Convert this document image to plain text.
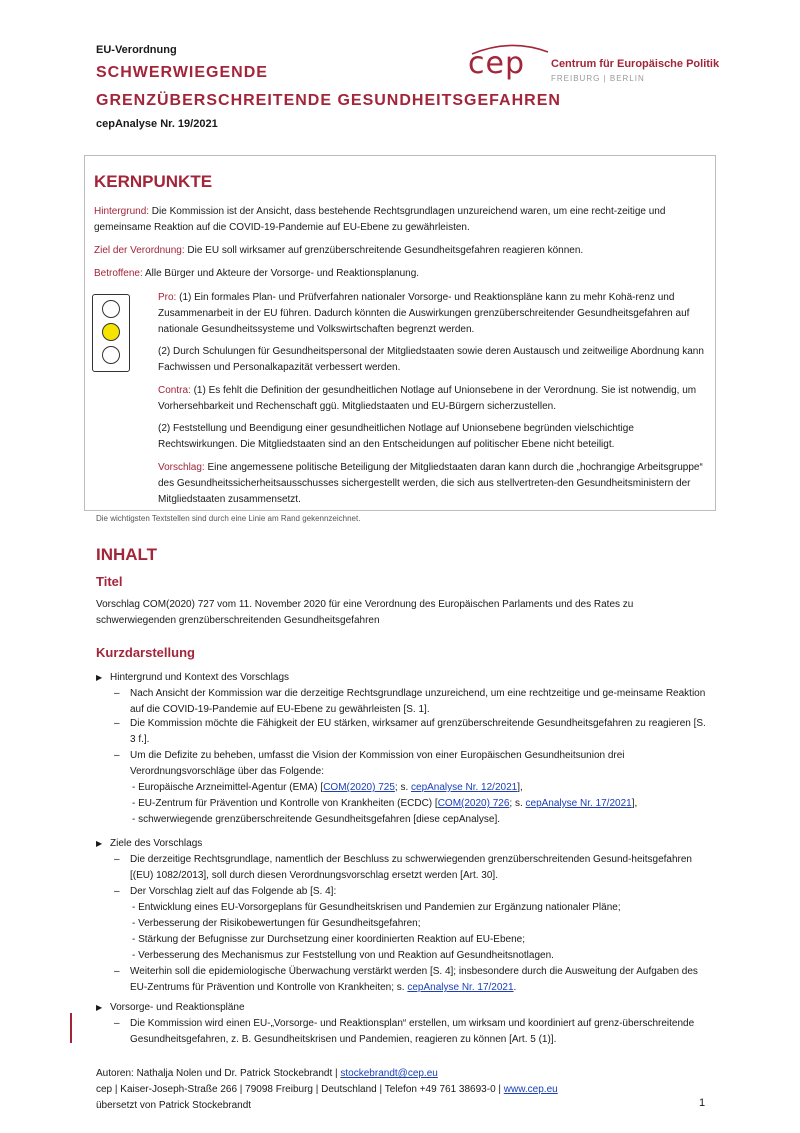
EU-Verordnung
SCHWERWIEGENDE
GRENZÜBERSCHREITENDE GESUNDHEITSGEFAHREN
cepAnalyse Nr. 19/2021
cep Centrum für Europäische Politik
FREIBURG | BERLIN
KERNPUNKTE
Hintergrund: Die Kommission ist der Ansicht, dass bestehende Rechtsgrundlagen unzureichend waren, um eine recht-zeitige und gemeinsame Reaktion auf die COVID-19-Pandemie auf EU-Ebene zu gewährleisten.
Ziel der Verordnung: Die EU soll wirksamer auf grenzüberschreitende Gesundheitsgefahren reagieren können.
Betroffene: Alle Bürger und Akteure der Vorsorge- und Reaktionsplanung.
Pro: (1) Ein formales Plan- und Prüfverfahren nationaler Vorsorge- und Reaktionspläne kann zu mehr Kohä-renz und Zusammenarbeit in der EU führen. Dadurch könnten die Auswirkungen grenzüberschreitender Gesundheitsgefahren auf nationale Gesundheitssysteme und Volkswirtschaften begrenzt werden.
(2) Durch Schulungen für Gesundheitspersonal der Mitgliedstaaten sowie deren Austausch und zeitweilige Abordnung kann Fachwissen und Personalkapazität verbessert werden.
Contra: (1) Es fehlt die Definition der gesundheitlichen Notlage auf Unionsebene in der Verordnung. Sie ist notwendig, um Vorhersehbarkeit und Rechenschaft ggü. Mitgliedstaaten und EU-Bürgern sicherzustellen.
(2) Feststellung und Beendigung einer gesundheitlichen Notlage auf Unionsebene begründen vielschichtige Rechtswirkungen. Die Mitgliedstaaten sind an den Entscheidungen auf politischer Ebene nicht beteiligt.
Vorschlag: Eine angemessene politische Beteiligung der Mitgliedstaaten daran kann durch die „hochrangige Arbeitsgruppe“ des Gesundheitssicherheitsausschusses sichergestellt werden, die sich aus stellvertreten-den Gesundheitsministern der Mitgliedstaaten zusammensetzt.
Die wichtigsten Textstellen sind durch eine Linie am Rand gekennzeichnet.
INHALT
Titel
Vorschlag COM(2020) 727 vom 11. November 2020 für eine Verordnung des Europäischen Parlaments und des Rates zu schwerwiegenden grenzüberschreitenden Gesundheitsgefahren
Kurzdarstellung
▶ Hintergrund und Kontext des Vorschlags
– Nach Ansicht der Kommission war die derzeitige Rechtsgrundlage unzureichend, um eine rechtzeitige und ge-meinsame Reaktion auf die COVID-19-Pandemie auf EU-Ebene zu gewährleisten [S. 1].
– Die Kommission möchte die Fähigkeit der EU stärken, wirksamer auf grenzüberschreitende Gesundheitsgefahren zu reagieren [S. 3 f.].
– Um die Defizite zu beheben, umfasst die Vision der Kommission von einer Europäischen Gesundheitsunion drei Verordnungsvorschläge über das Folgende:
- Europäische Arzneimittel-Agentur (EMA) [COM(2020) 725; s. cepAnalyse Nr. 12/2021],
- EU-Zentrum für Prävention und Kontrolle von Krankheiten (ECDC) [COM(2020) 726; s. cepAnalyse Nr. 17/2021],
- schwerwiegende grenzüberschreitende Gesundheitsgefahren [diese cepAnalyse].
▶ Ziele des Vorschlags
– Die derzeitige Rechtsgrundlage, namentlich der Beschluss zu schwerwiegenden grenzüberschreitenden Gesund-heitsgefahren [(EU) 1082/2013], soll durch diesen Verordnungsvorschlag ersetzt werden [Art. 30].
– Der Vorschlag zielt auf das Folgende ab [S. 4]:
- Entwicklung eines EU-Vorsorgeplans für Gesundheitskrisen und Pandemien zur Ergänzung nationaler Pläne;
- Verbesserung der Risikobewertungen für Gesundheitsgefahren;
- Stärkung der Befugnisse zur Durchsetzung einer koordinierten Reaktion auf EU-Ebene;
- Verbesserung des Mechanismus zur Feststellung von und Reaktion auf Gesundheitsnotlagen.
– Weiterhin soll die epidemiologische Überwachung verstärkt werden [S. 4]; insbesondere durch die Ausweitung der Aufgaben des EU-Zentrums für Prävention und Kontrolle von Krankheiten; s. cepAnalyse Nr. 17/2021.
▶ Vorsorge- und Reaktionspläne
– Die Kommission wird einen EU-„Vorsorge- und Reaktionsplan“ erstellen, um wirksam und koordiniert auf grenz-überschreitende Gesundheitsgefahren, z. B. Gesundheitskrisen und Pandemien, reagieren zu können [Art. 5 (1)].
Autoren: Nathalja Nolen und Dr. Patrick Stockebrandt | stockebrandt@cep.eu
cep | Kaiser-Joseph-Straße 266 | 79098 Freiburg | Deutschland | Telefon +49 761 38693-0 | www.cep.eu
übersetzt von Patrick Stockebrandt	1
